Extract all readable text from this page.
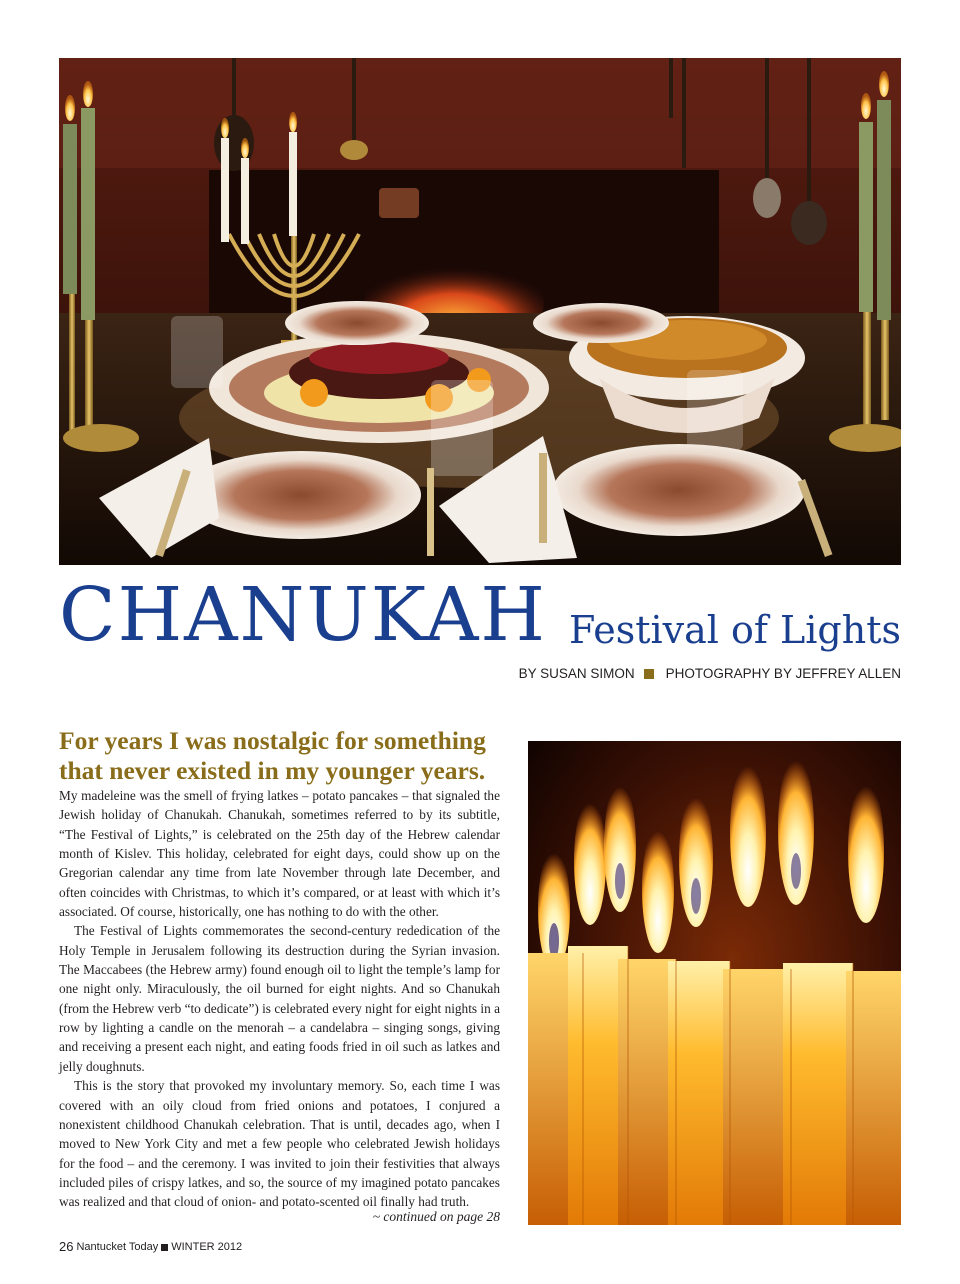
CHANUKAH Festival of Lights
BY SUSAN SIMON PHOTOGRAPHY BY JEFFREY ALLEN
For years I was nostalgic for something that never existed in my younger years.

My madeleine was the smell of frying latkes – potato pancakes – that signaled the Jewish holiday of Chanukah. Chanukah, sometimes referred to by its subtitle, “The Festival of Lights,” is celebrated on the 25th day of the Hebrew calendar month of Kislev. This holiday, celebrated for eight days, could show up on the Gregorian calendar any time from late November through late December, and often coincides with Christmas, to which it’s compared, or at least with which it’s associated. Of course, historically, one has nothing to do with the other.

The Festival of Lights commemorates the second-century rededication of the Holy Temple in Jerusalem following its destruction during the Syrian invasion. The Maccabees (the Hebrew army) found enough oil to light the temple’s lamp for one night only. Miraculously, the oil burned for eight nights. And so Chanukah (from the Hebrew verb “to dedicate”) is celebrated every night for eight nights in a row by lighting a candle on the menorah – a candelabra – singing songs, giving and receiving a present each night, and eating foods fried in oil such as latkes and jelly doughnuts.

This is the story that provoked my involuntary memory. So, each time I was covered with an oily cloud from fried onions and potatoes, I conjured a nonexistent childhood Chanukah celebration. That is until, decades ago, when I moved to New York City and met a few people who celebrated Jewish holidays for the food – and the ceremony. I was invited to join their festivities that always included piles of crispy latkes, and so, the source of my imagined potato pancakes was realized and that cloud of onion- and potato-scented oil finally had truth.

~ continued on page 28
26 Nantucket Today WINTER 2012
